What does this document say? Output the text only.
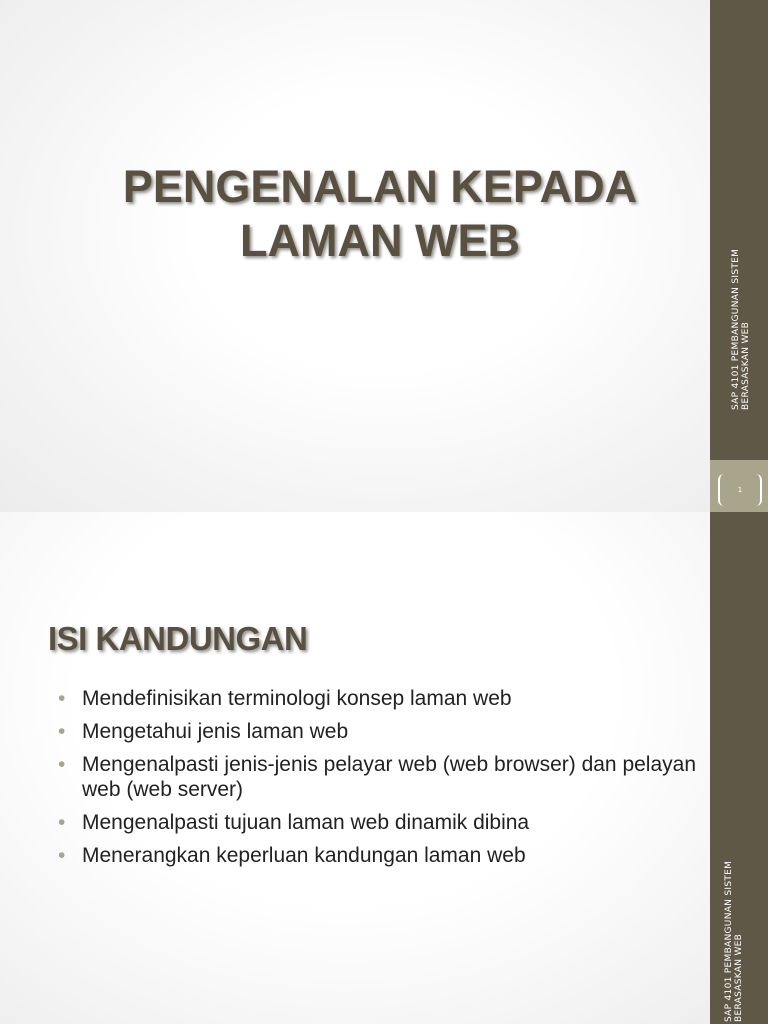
PENGENALAN KEPADA
LAMAN WEB
SAP 4101 PEMBANGUNAN SISTEM BERASASKAN WEB
1
ISI KANDUNGAN
• Mendefinisikan terminologi konsep laman web
• Mengetahui jenis laman web
• Mengenalpasti jenis-jenis pelayar web (web browser) dan pelayan web (web server)
• Mengenalpasti tujuan laman web dinamik dibina
• Menerangkan keperluan kandungan laman web
SAP 4101 PEMBANGUNAN SISTEM BERASASKAN WEB
